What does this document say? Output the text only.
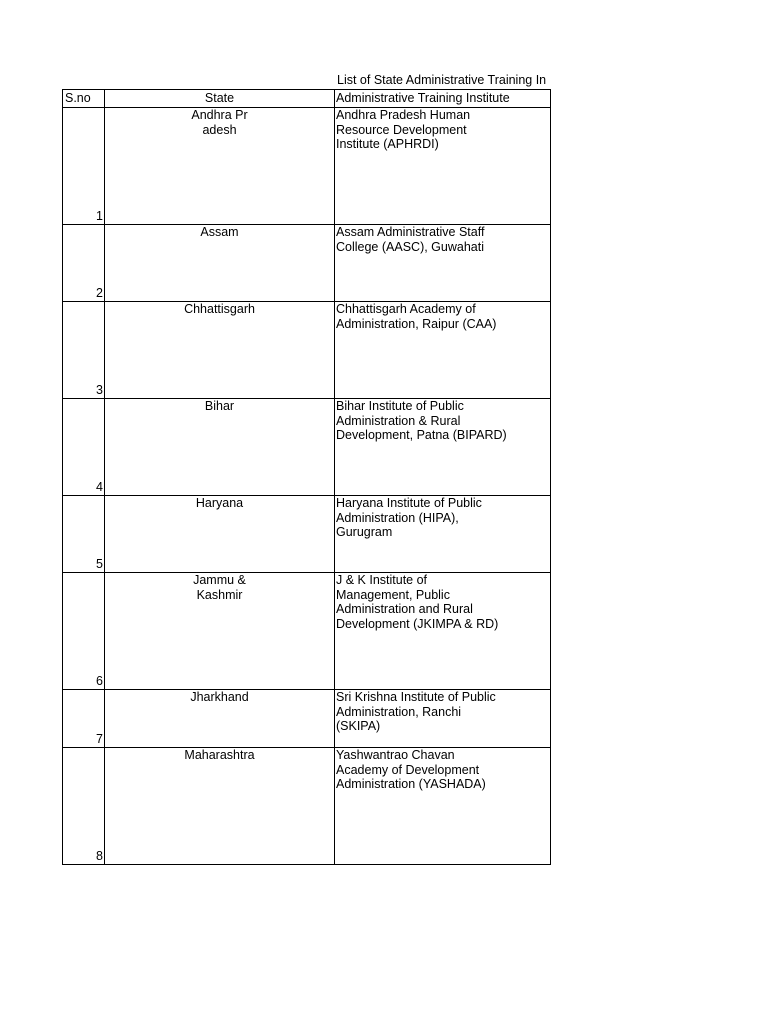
List of State Administrative Training In
S.no	State	Administrative Training Institute

1	Andhra Pradesh	Andhra Pradesh Human Resource Development Institute (APHRDI)

2	Assam	Assam Administrative Staff College (AASC), Guwahati

3	Chhattisgarh	Chhattisgarh Academy of Administration, Raipur (CAA)

4	Bihar	Bihar Institute of Public Administration & Rural Development, Patna (BIPARD)

5	Haryana	Haryana Institute of Public Administration (HIPA), Gurugram

6	Jammu & Kashmir	J & K Institute of Management, Public Administration and Rural Development (JKIMPA & RD)

7	Jharkhand	Sri Krishna Institute of Public Administration, Ranchi (SKIPA)

8	Maharashtra	Yashwantrao Chavan Academy of Development Administration (YASHADA)
